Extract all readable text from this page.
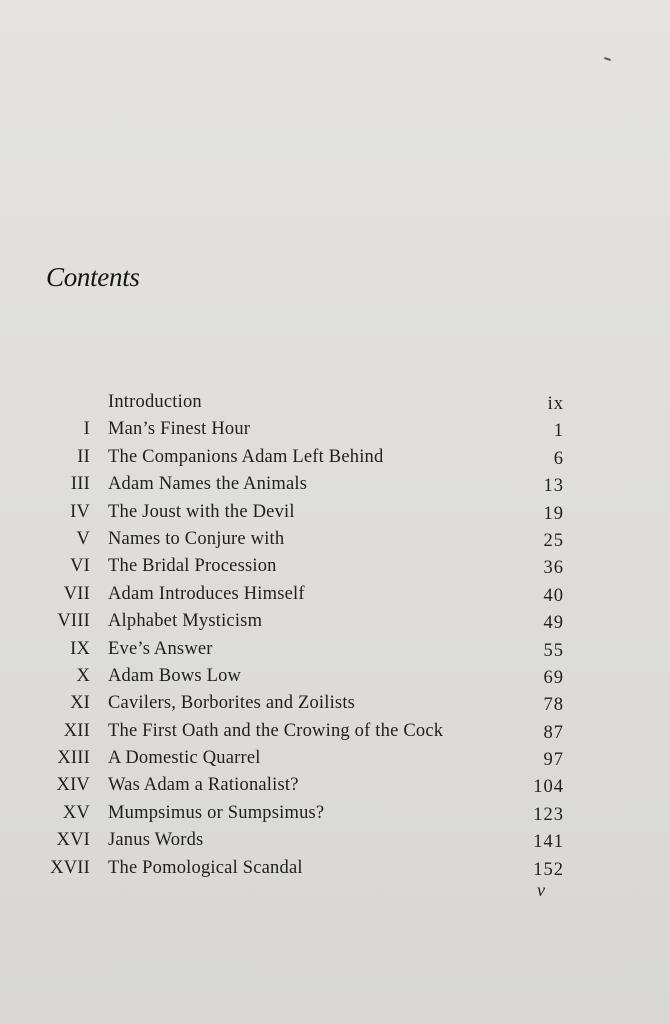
Contents
Introduction	ix
I Man’s Finest Hour	1
II The Companions Adam Left Behind	6
III Adam Names the Animals	13
IV The Joust with the Devil	19
V Names to Conjure with	25
VI The Bridal Procession	36
VII Adam Introduces Himself	40
VIII Alphabet Mysticism	49
IX Eve’s Answer	55
X Adam Bows Low	69
XI Cavilers, Borborites and Zoilists	78
XII The First Oath and the Crowing of the Cock	87
XIII A Domestic Quarrel	97
XIV Was Adam a Rationalist?	104
XV Mumpsimus or Sumpsimus?	123
XVI Janus Words	141
XVII The Pomological Scandal	152
v
